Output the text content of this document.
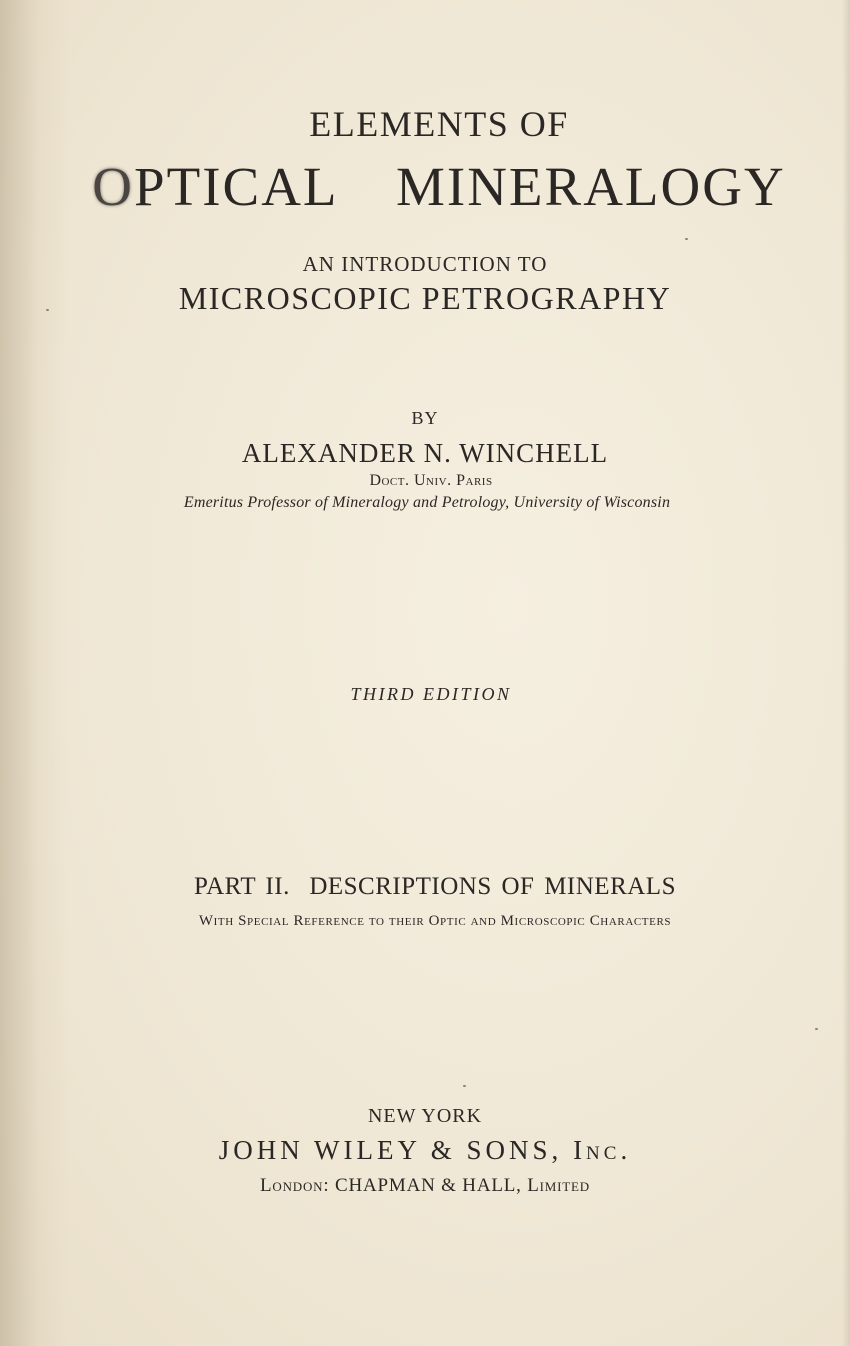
ELEMENTS OF
OPTICAL  MINERALOGY
AN INTRODUCTION TO
MICROSCOPIC PETROGRAPHY
BY
ALEXANDER N. WINCHELL
Doct. Univ. Paris
Emeritus Professor of Mineralogy and Petrology, University of Wisconsin
THIRD EDITION
PART II.  DESCRIPTIONS OF MINERALS
With Special Reference to their Optic and Microscopic Characters
NEW YORK
JOHN WILEY & SONS, Inc.
London: CHAPMAN & HALL, Limited
